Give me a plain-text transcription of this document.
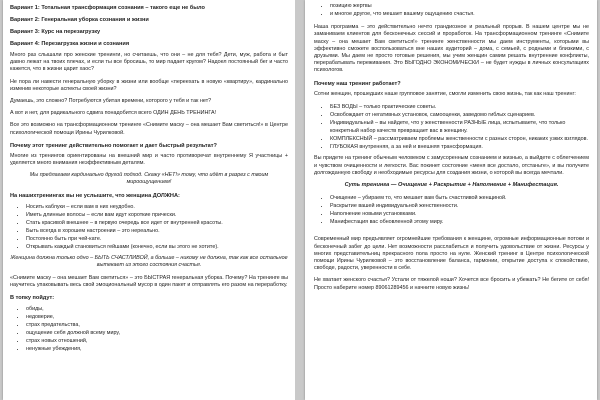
Вариант 1: Тотальная трансформация сознания – такого еще не было

Вариант 2: Генеральная уборка сознания и жизни

Вариант 3: Курс на перезагрузку

Вариант 4: Перезагрузка жизни и сознания

Много раз слышали про женские тренинги, но считаешь, что они – не для тебя? Дети, муж, работа и быт давно лежат на твоих плечах, и если ты все бросишь, то мир падает кругом? Надоел постоянный бег и часто кажется, что в жизни царит хаос?

Не пора ли навести генеральную уборку в жизни или вообще «переехать в новую «квартиру», кардинально изменив некоторые аспекты своей жизни?

Думаешь, это сложно? Потребуются убитая времени, которого у тебя и так нет?

А вот и нет, для радикального сдвига понадобится всего ОДИН ДЕНЬ ТРЕНИНГА!

Все это возможно на трансформационном тренинге «Снимите маску – она мешает Вам светиться!» в Центре психологической помощи Ирины Чурилковой.

Почему этот тренинг действительно помогает и дает быстрый результат?

Многие из тренингов ориентированы на внешний мир и часто противоречат внутреннему Я участницы + уделяется много внимания неэффективным деталям.

Мы предлагаем кардинально другой подход. Скажу «НЕТ!» тому, что идёт в разрез с твоим мироощущением!

На нашихтренингах вы не услышите, что женщина ДОЛЖНА:

• Носить каблуки – если вам в них неудобно.
• Иметь длинные волосы – если вам идут короткие прически.
• Стать красивой внешнее – в первую очередь все идет от внутренней красоты.
• Быть всегда в хорошем настроении – это нереально.
• Постоянно быть при чей-кате.
• Открывать каждый становиться гейшами (конечно, если вы этого не хотите).

Женщина должна только одно – БЫТЬ СЧАСТЛИВОЙ, а больше – никому не должна, так как все остальное вытекает из этого состояния счастья.

«Снимите маску – она мешает Вам светиться» – это БЫСТРАЯ генеральная уборка. Почему? На тренинге вы научитесь упаковывать весь свой эмоциональный мусор в один пакет и отправлять его разом на переработку.

В топку пойдут:

• обиды,
• недоверие,
• страх предательства,
• ощущение себя должной всему миру,
• страх новых отношений,
• ненужные убеждения,
• позицию жертвы
• и многое другое, что мешает вашему ощущению счастья.

Наша программа – это действительно нечто грандиозное и реальный прорыв. В нашем центре мы не заманиваем клиентов для бесконечных сессий и проработок. На трансформационном тренинге «Снимите маску – она мешает Вам светиться!» тренинге женственности мы даем инструменты, которыми вы эффективно сможете воспользоваться вне наших аудиторий – дома, с семьей, с родными и близкими, с друзьями. Мы даем не просто готовые решения, мы учим женщин самим решать внутренние конфликты, перерабатывать переживания. Это ВЫГОДНО ЭКОНОМИЧЕСКИ – не будет нужды в личных консультациях психологов.

Почему наш тренинг работает?

Сотни женщин, прошедших наше групповое занятие, смогли изменить свою жизнь, так как наш тренинг:

• БЕЗ ВОДЫ – только практические советы.
• Освобождает от негативных установок, самооценки, заведомо гиблых сценариев.
• Индивидуальный – вы найдете, что у женственности РАЗНЫЕ лица, испытываете, что только конкретный набор качеств превращает вас в женщину.
• КОМПЛЕКСНЫЙ – рассматриваем проблемы женственности с разных сторон, никаких узких взглядов.
• ГЛУБОКАЯ внутренняя, а за ней и внешняя трансформация.

Вы придете на тренинг обычным человеком с замусоренным сознанием и жизнью, а выйдете с облегчением и чувством очищенности и легкости. Вас покинет состояние «меня все достало, отстаньте», и вы получите долгожданную свободу и необходимые ресурсы для создания жизни, о которой вы всегда мечтали.

Суть тренинга — Очищение + Раскрытие + Наполнение + Манифестация.

• Очищение – убираем то, что мешает вам быть счастливой женщиной.
• Раскрытие вашей индивидуальной женственности.
• Наполнение новыми установками.
• Манифестация вас обновленной этому миру.

Современный мир предъявляет огромнейшие требования к женщине, огромные информационные потоки и бесконечный забег до цели. Нет возможности расслабиться и получить удовольствие от жизни. Ресурсы у многих представительниц прекрасного пола просто на нуле. Женский тренинг в Центре психологической помощи Ирины Чурилковой – это восстановление баланса, гармонии, открытие доступа к спокойствию, свободе, радости, уверенности в себе.

Не хватает женского счастья? Устали от тяжелой ноши? Хочется все бросить и убежать? Не бегите от себя! Просто наберите номер 89061289456 и начните новую жизнь!
